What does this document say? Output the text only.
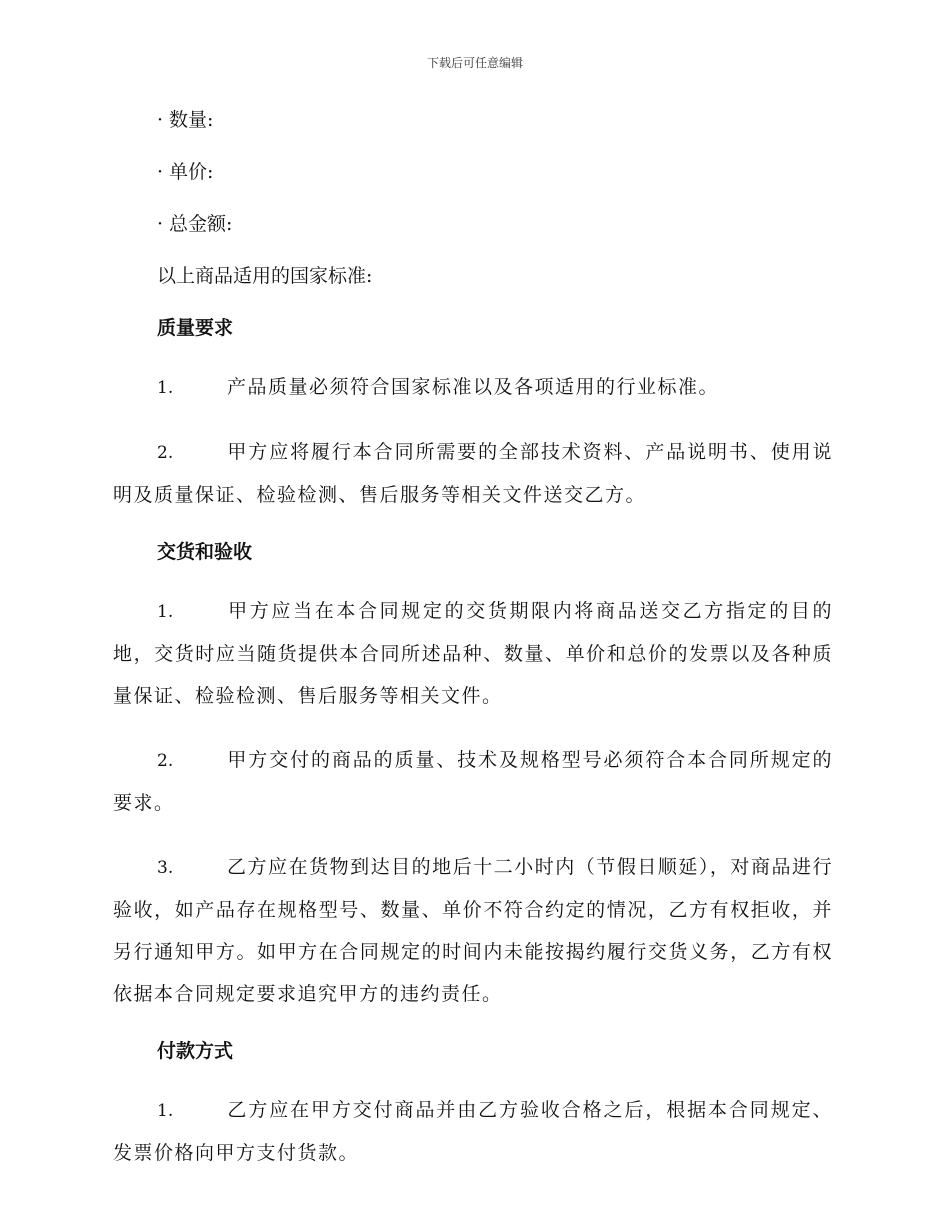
下载后可任意编辑
· 数量:
· 单价:
· 总金额:
以上商品适用的国家标准:
质量要求
1.	产品质量必须符合国家标准以及各项适用的行业标准。
2.	甲方应将履行本合同所需要的全部技术资料、产品说明书、使用说明及质量保证、检验检测、售后服务等相关文件送交乙方。
交货和验收
1.	甲方应当在本合同规定的交货期限内将商品送交乙方指定的目的地，交货时应当随货提供本合同所述品种、数量、单价和总价的发票以及各种质量保证、检验检测、售后服务等相关文件。
2.	甲方交付的商品的质量、技术及规格型号必须符合本合同所规定的要求。
3.	乙方应在货物到达目的地后十二小时内（节假日顺延），对商品进行验收，如产品存在规格型号、数量、单价不符合约定的情况，乙方有权拒收，并另行通知甲方。如甲方在合同规定的时间内未能按揭约履行交货义务，乙方有权依据本合同规定要求追究甲方的违约责任。
付款方式
1.	乙方应在甲方交付商品并由乙方验收合格之后，根据本合同规定、发票价格向甲方支付货款。
